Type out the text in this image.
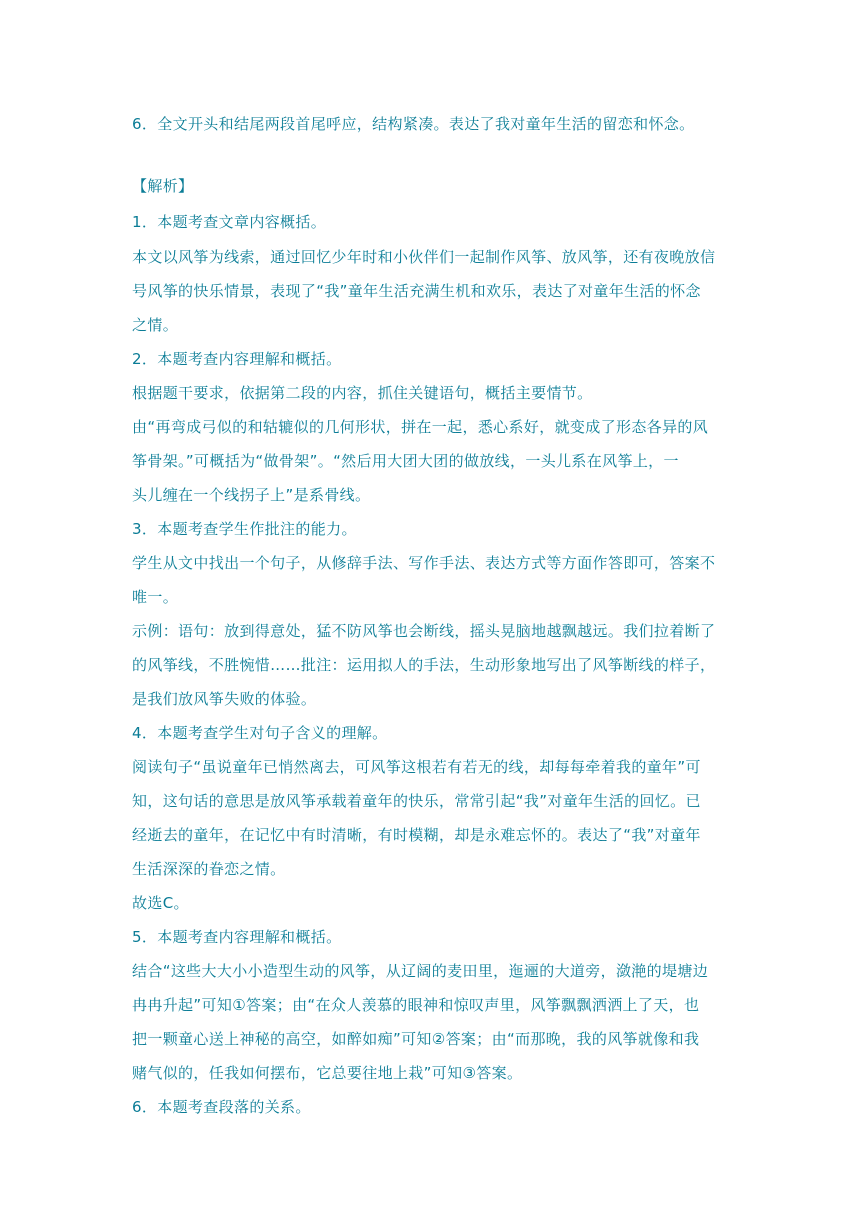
6．全文开头和结尾两段首尾呼应，结构紧凑。表达了我对童年生活的留恋和怀念。
【解析】
1．本题考查文章内容概括。
本文以风筝为线索，通过回忆少年时和小伙伴们一起制作风筝、放风筝，还有夜晚放信
号风筝的快乐情景，表现了“我”童年生活充满生机和欢乐，表达了对童年生活的怀念
之情。
2．本题考查内容理解和概括。
根据题干要求，依据第二段的内容，抓住关键语句，概括主要情节。
由“再弯成弓似的和轱辘似的几何形状，拼在一起，悉心系好，就变成了形态各异的风
筝骨架。”可概括为“做骨架”。“然后用大团大团的做放线，一头儿系在风筝上，一
头儿缠在一个线拐子上”是系骨线。
3．本题考查学生作批注的能力。
学生从文中找出一个句子，从修辞手法、写作手法、表达方式等方面作答即可，答案不
唯一。
示例：语句：放到得意处，猛不防风筝也会断线，摇头晃脑地越飘越远。我们拉着断了
的风筝线，不胜惋惜……批注：运用拟人的手法，生动形象地写出了风筝断线的样子，
是我们放风筝失败的体验。
4．本题考查学生对句子含义的理解。
阅读句子“虽说童年已悄然离去，可风筝这根若有若无的线，却每每牵着我的童年”可
知，这句话的意思是放风筝承载着童年的快乐，常常引起“我”对童年生活的回忆。已
经逝去的童年，在记忆中有时清晰，有时模糊，却是永难忘怀的。表达了“我”对童年
生活深深的眷恋之情。
故选C。
5．本题考查内容理解和概括。
结合“这些大大小小造型生动的风筝，从辽阔的麦田里，迤逦的大道旁，潋滟的堤塘边
冉冉升起”可知①答案；由“在众人羡慕的眼神和惊叹声里，风筝飘飘洒洒上了天，也
把一颗童心送上神秘的高空，如醉如痴”可知②答案；由“而那晚，我的风筝就像和我
赌气似的，任我如何摆布，它总要往地上栽”可知③答案。
6．本题考查段落的关系。
